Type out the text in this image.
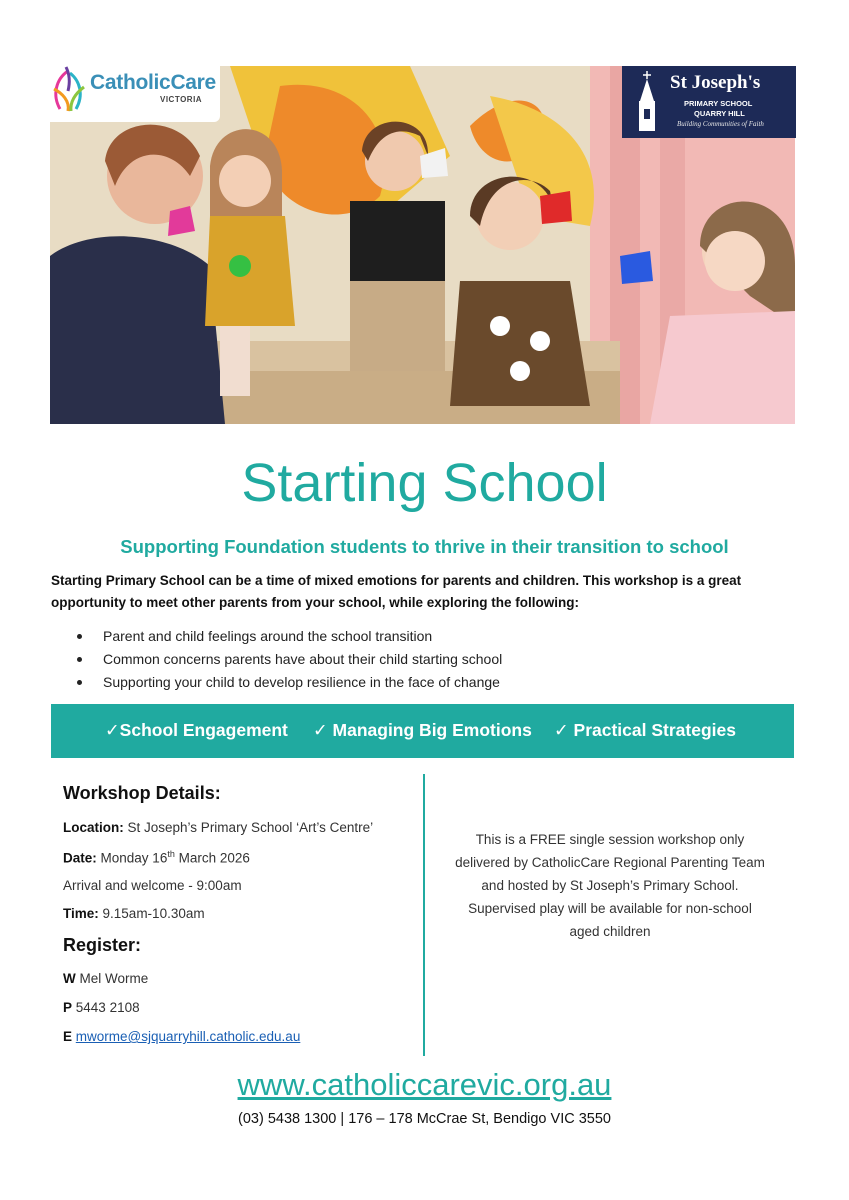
CatholicCare
VICTORIA
St Joseph's
PRIMARY SCHOOL
QUARRY HILL
Building Communities of Faith
Starting School
Supporting Foundation students to thrive in their transition to school
Starting Primary School can be a time of mixed emotions for parents and children. This workshop is a great opportunity to meet other parents from your school, while exploring the following:
Parent and child feelings around the school transition
Common concerns parents have about their child starting school
Supporting your child to develop resilience in the face of change
✓School Engagement ✓ Managing Big Emotions ✓ Practical Strategies
Workshop Details:
Location: St Joseph’s Primary School ‘Art’s Centre’
Date: Monday 16th March 2026
Arrival and welcome - 9:00am
Time: 9.15am-10.30am
Register:
W Mel Worme
P 5443 2108
E mworme@sjquarryhill.catholic.edu.au
This is a FREE single session workshop only
delivered by CatholicCare Regional Parenting Team
and hosted by St Joseph’s Primary School.
Supervised play will be available for non-school
aged children
www.catholiccarevic.org.au
(03) 5438 1300 | 176 – 178 McCrae St, Bendigo VIC 3550
